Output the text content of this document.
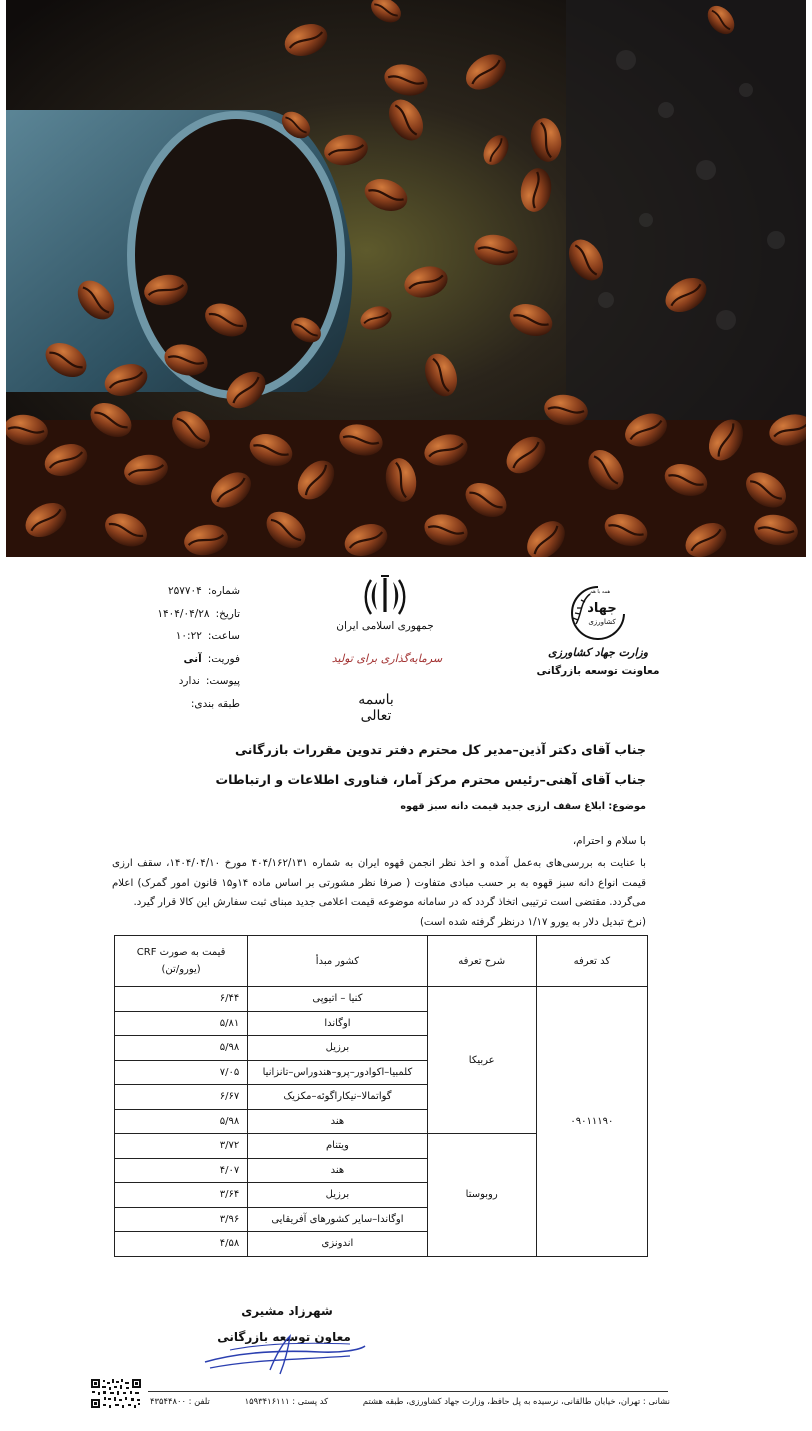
شماره:
۲۵۷۷۰۴
تاریخ:
۱۴۰۴/۰۴/۲۸
ساعت:
۱۰:۲۲
فوریت:
آنی
پیوست:
ندارد
طبقه بندی:
جمهوری اسلامی ایران
سرمایه‌گذاری برای تولید
باسمه تعالی
همه با هم
جهاد
کشاورزی
وزارت جهاد کشاورزی
معاونت توسعه بازرگانی
جناب آقای دکتر آذین–مدیر کل محترم دفتر تدوین مقررات بازرگانی
جناب آقای آهنی–رئیس محترم مرکز آمار، فناوری اطلاعات و ارتباطات
موضوع: ابلاغ سقف ارزی جدید قیمت دانه سبز قهوه
با سلام و احترام،

با عنایت به بررسی‌های به‌عمل آمده و اخذ نظر انجمن قهوه ایران به شماره ۴۰۴/۱۶۲/۱۳۱ مورخ ۱۴۰۴/۰۴/۱۰، سقف ارزی قیمت انواع دانه سبز قهوه به بر حسب مبادی متفاوت ( صرفا نظر مشورتی بر اساس ماده ۱۴و۱۵ قانون امور گمرک) اعلام می‌گردد. مقتضی است ترتیبی اتخاذ گردد که در سامانه موضوعه قیمت اعلامی جدید مبنای ثبت سفارش این کالا قرار گیرد.

(نرخ تبدیل دلار به یورو ۱/۱۷ درنظر گرفته شده است)

کد تعرفه	شرح تعرفه	کشور مبدأ	قیمت به صورت CRF
(یورو/تن)

۰۹۰۱۱۱۹۰	عربیکا	کنیا – اتیوپی	۶/۴۴
		اوگاندا	۵/۸۱
		برزیل	۵/۹۸
		کلمبیا–اکوادور–پرو–هندوراس–تانزانیا	۷/۰۵
		گواتمالا–نیکاراگوئه–مکزیک	۶/۶۷
		هند	۵/۹۸
	روبوستا	ویتنام	۳/۷۲
		هند	۴/۰۷
		برزیل	۳/۶۴
		اوگاندا–سایر کشورهای آفریقایی	۳/۹۶
		اندونزی	۴/۵۸
شهرزاد مشیری
معاون توسعه بازرگانی
نشانی : تهران، خیابان طالقانی، نرسیده به پل حافظ، وزارت جهاد کشاورزی، طبقه هشتم
کد پستی : ۱۵۹۳۴۱۶۱۱۱
تلفن : ۴۳۵۴۴۸۰۰
